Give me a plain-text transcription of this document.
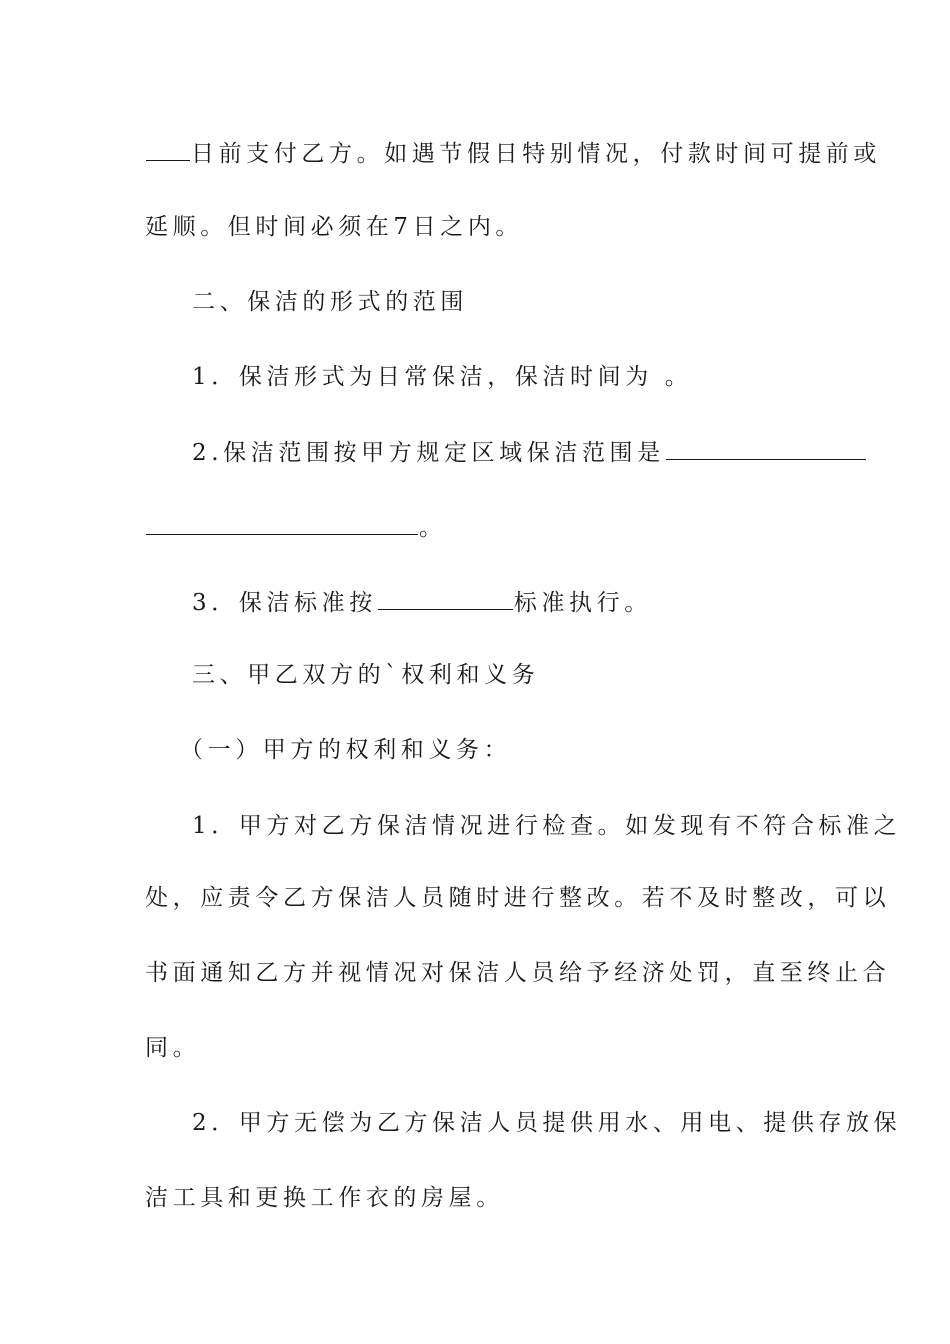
日前支付乙方。如遇节假日特别情况，付款时间可提前或
延顺。但时间必须在7日之内。
二、保洁的形式的范围
1．保洁形式为日常保洁，保洁时间为 。
2.保洁范围按甲方规定区域保洁范围是
。
3．保洁标准按	标准执行。
三、甲乙双方的`权利和义务
（一）甲方的权利和义务：
1．甲方对乙方保洁情况进行检查。如发现有不符合标准之
处，应责令乙方保洁人员随时进行整改。若不及时整改，可以
书面通知乙方并视情况对保洁人员给予经济处罚，直至终止合
同。
2．甲方无偿为乙方保洁人员提供用水、用电、提供存放保
洁工具和更换工作衣的房屋。
